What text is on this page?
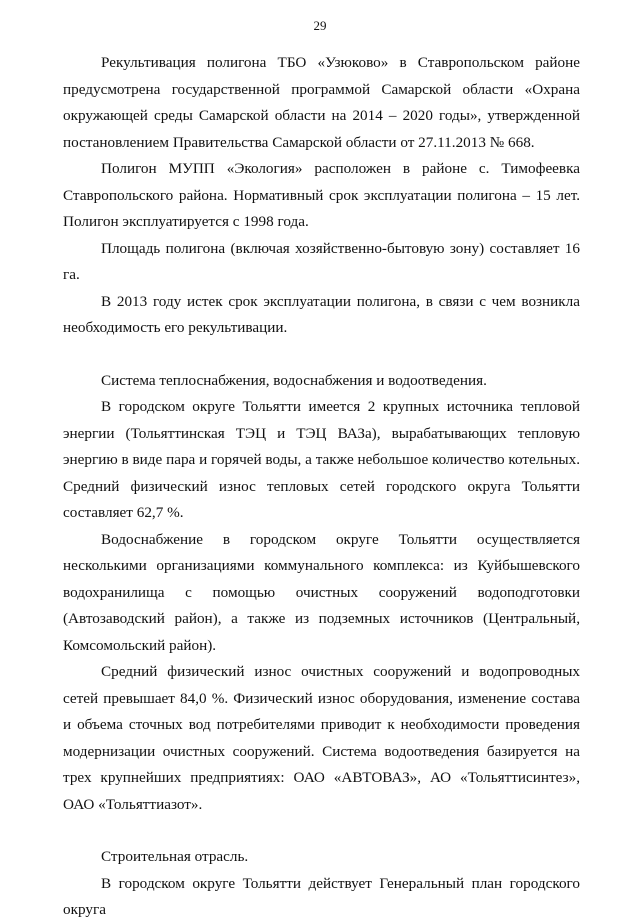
29

Рекультивация полигона ТБО «Узюково» в Ставропольском районе предусмотрена государственной программой Самарской области «Охрана окружающей среды Самарской области на 2014 – 2020 годы», утвержденной постановлением Правительства Самарской области от 27.11.2013 № 668.

Полигон МУПП «Экология» расположен в районе с. Тимофеевка Ставропольского района. Нормативный срок эксплуатации полигона – 15 лет. Полигон эксплуатируется с 1998 года.

Площадь полигона (включая хозяйственно-бытовую зону) составляет 16 га.

В 2013 году истек срок эксплуатации полигона, в связи с чем возникла необходимость его рекультивации.

Система теплоснабжения, водоснабжения и водоотведения.

В городском округе Тольятти имеется 2 крупных источника тепловой энергии (Тольяттинская ТЭЦ и ТЭЦ ВАЗа), вырабатывающих тепловую энергию в виде пара и горячей воды, а также небольшое количество котельных. Средний физический износ тепловых сетей городского округа Тольятти составляет 62,7 %.

Водоснабжение в городском округе Тольятти осуществляется несколькими организациями коммунального комплекса: из Куйбышевского водохранилища с помощью очистных сооружений водоподготовки (Автозаводский район), а также из подземных источников (Центральный, Комсомольский район).

Средний физический износ очистных сооружений и водопроводных сетей превышает 84,0 %. Физический износ оборудования, изменение состава и объема сточных вод потребителями приводит к необходимости проведения модернизации очистных сооружений. Система водоотведения базируется на трех крупнейших предприятиях: ОАО «АВТОВАЗ», АО «Тольяттисинтез», ОАО «Тольяттиазот».

Строительная отрасль.

В городском округе Тольятти действует Генеральный план городского округа
